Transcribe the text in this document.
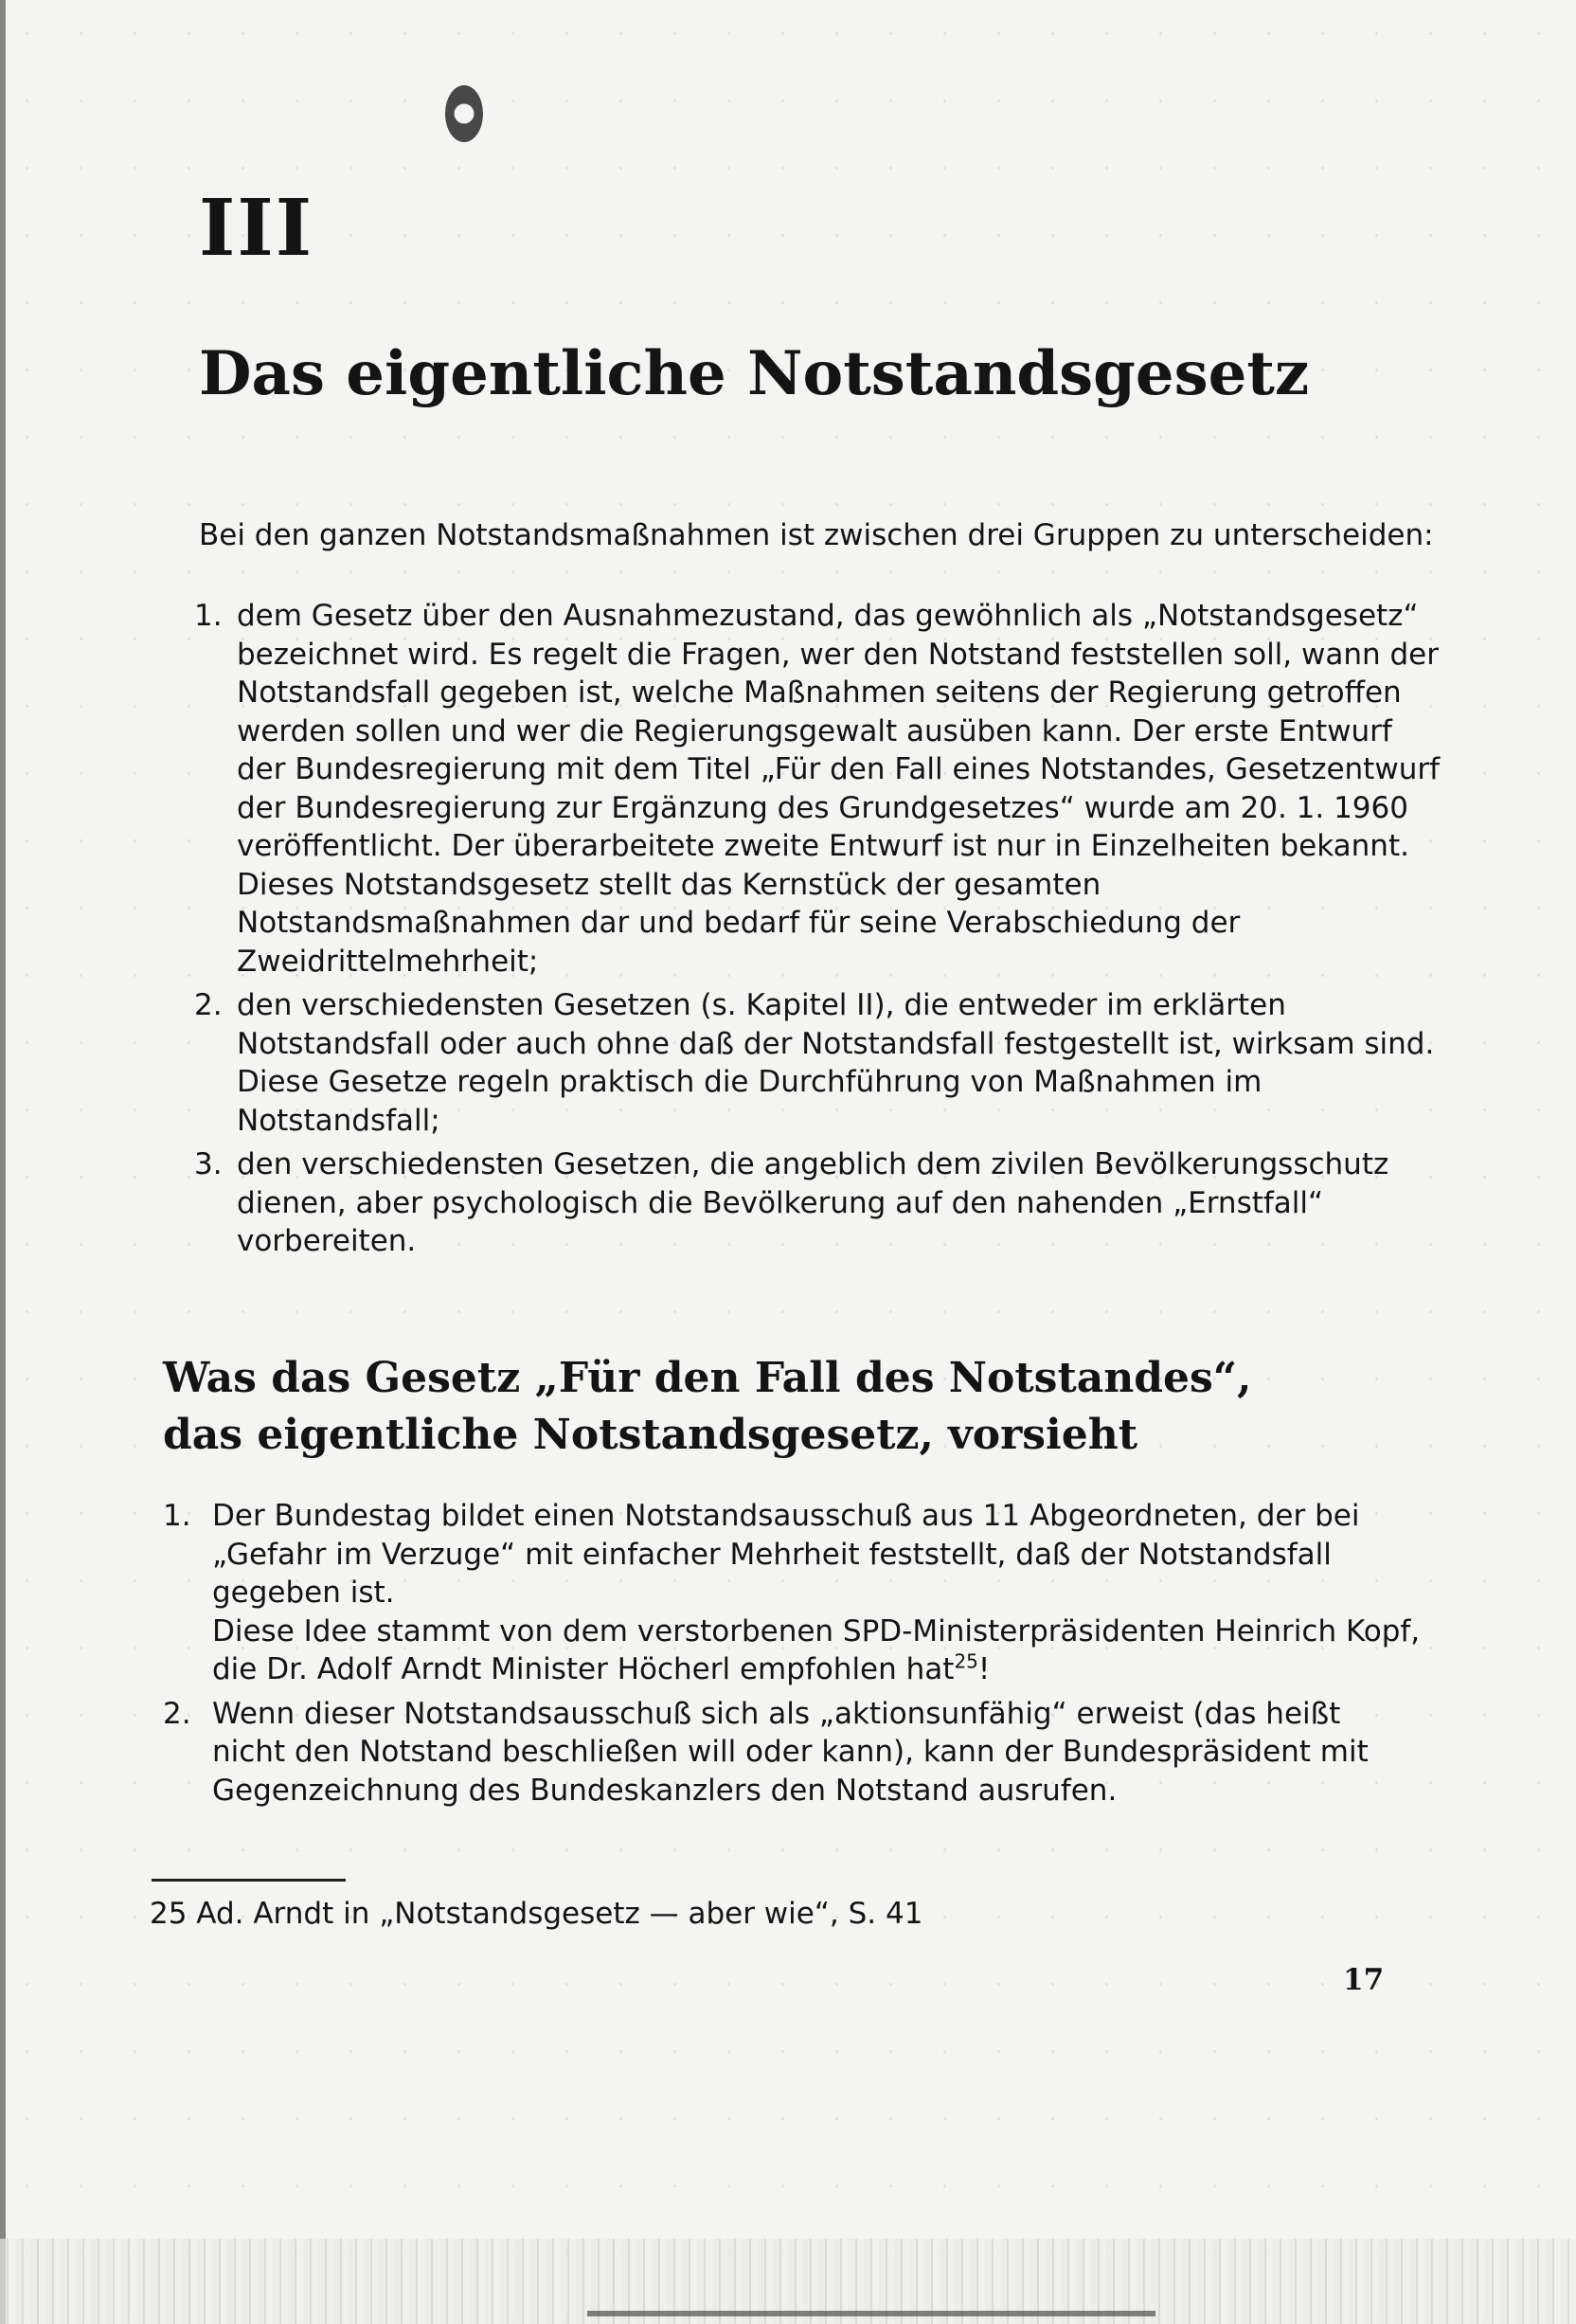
III
Das eigentliche Notstandsgesetz

Bei den ganzen Notstandsmaßnahmen ist zwischen drei Gruppen zu unterscheiden:

1. dem Gesetz über den Ausnahmezustand, das gewöhnlich als „Notstandsgesetz“ bezeichnet wird. Es regelt die Fragen, wer den Notstand feststellen soll, wann der Notstandsfall gegeben ist, welche Maßnahmen seitens der Regierung getroffen werden sollen und wer die Regierungsgewalt ausüben kann. Der erste Entwurf der Bundesregierung mit dem Titel „Für den Fall eines Notstandes, Gesetzentwurf der Bundesregierung zur Ergänzung des Grundgesetzes“ wurde am 20. 1. 1960 veröffentlicht. Der überarbeitete zweite Entwurf ist nur in Einzelheiten bekannt. Dieses Notstandsgesetz stellt das Kernstück der gesamten Notstandsmaßnahmen dar und bedarf für seine Verabschiedung der Zweidrittelmehrheit;
2. den verschiedensten Gesetzen (s. Kapitel II), die entweder im erklärten Notstandsfall oder auch ohne daß der Notstandsfall festgestellt ist, wirksam sind. Diese Gesetze regeln praktisch die Durchführung von Maßnahmen im Notstandsfall;
3. den verschiedensten Gesetzen, die angeblich dem zivilen Bevölkerungsschutz dienen, aber psychologisch die Bevölkerung auf den nahenden „Ernstfall“ vorbereiten.
Was das Gesetz „Für den Fall des Notstandes“,
das eigentliche Notstandsgesetz, vorsieht
1. Der Bundestag bildet einen Notstandsausschuß aus 11 Abgeordneten, der bei „Gefahr im Verzuge“ mit einfacher Mehrheit feststellt, daß der Notstandsfall gegeben ist.
Diese Idee stammt von dem verstorbenen SPD-Ministerpräsidenten Heinrich Kopf, die Dr. Adolf Arndt Minister Höcherl empfohlen hat$^{25}$!
2. Wenn dieser Notstandsausschuß sich als „aktionsunfähig“ erweist (das heißt nicht den Notstand beschließen will oder kann), kann der Bundespräsident mit Gegenzeichnung des Bundeskanzlers den Notstand ausrufen.
25 Ad. Arndt in „Notstandsgesetz — aber wie“, S. 41
17
